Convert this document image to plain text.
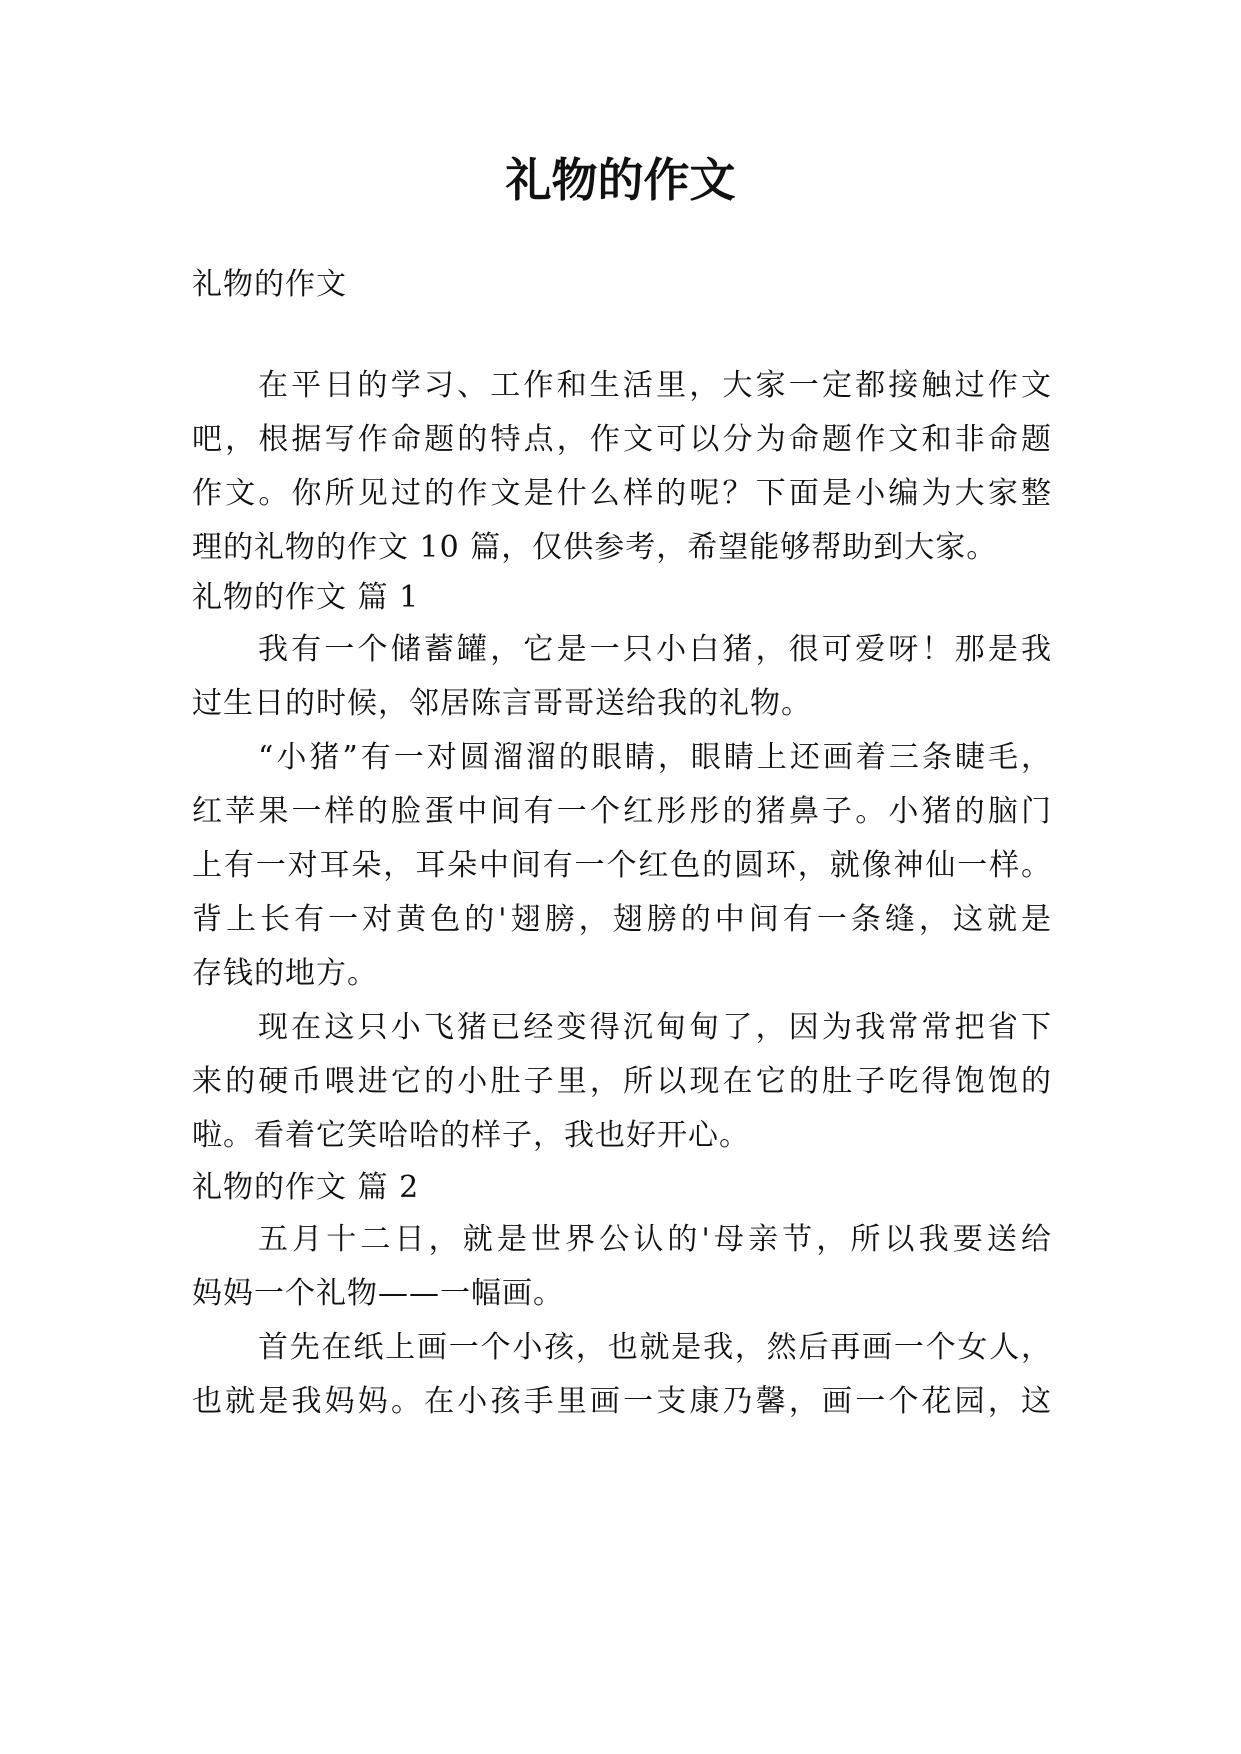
礼物的作文
礼物的作文
在平日的学习、工作和生活里，大家一定都接触过作文
吧，根据写作命题的特点，作文可以分为命题作文和非命题
作文。你所见过的作文是什么样的呢？下面是小编为大家整
理的礼物的作文 10 篇，仅供参考，希望能够帮助到大家。
礼物的作文 篇 1
我有一个储蓄罐，它是一只小白猪，很可爱呀！那是我
过生日的时候，邻居陈言哥哥送给我的礼物。
“小猪”有一对圆溜溜的眼睛，眼睛上还画着三条睫毛，
红苹果一样的脸蛋中间有一个红彤彤的猪鼻子。小猪的脑门
上有一对耳朵，耳朵中间有一个红色的圆环，就像神仙一样。
背上长有一对黄色的'翅膀，翅膀的中间有一条缝，这就是
存钱的地方。
现在这只小飞猪已经变得沉甸甸了，因为我常常把省下
来的硬币喂进它的小肚子里，所以现在它的肚子吃得饱饱的
啦。看着它笑哈哈的样子，我也好开心。
礼物的作文 篇 2
五月十二日，就是世界公认的'母亲节，所以我要送给
妈妈一个礼物——一幅画。
首先在纸上画一个小孩，也就是我，然后再画一个女人，
也就是我妈妈。在小孩手里画一支康乃馨，画一个花园，这
